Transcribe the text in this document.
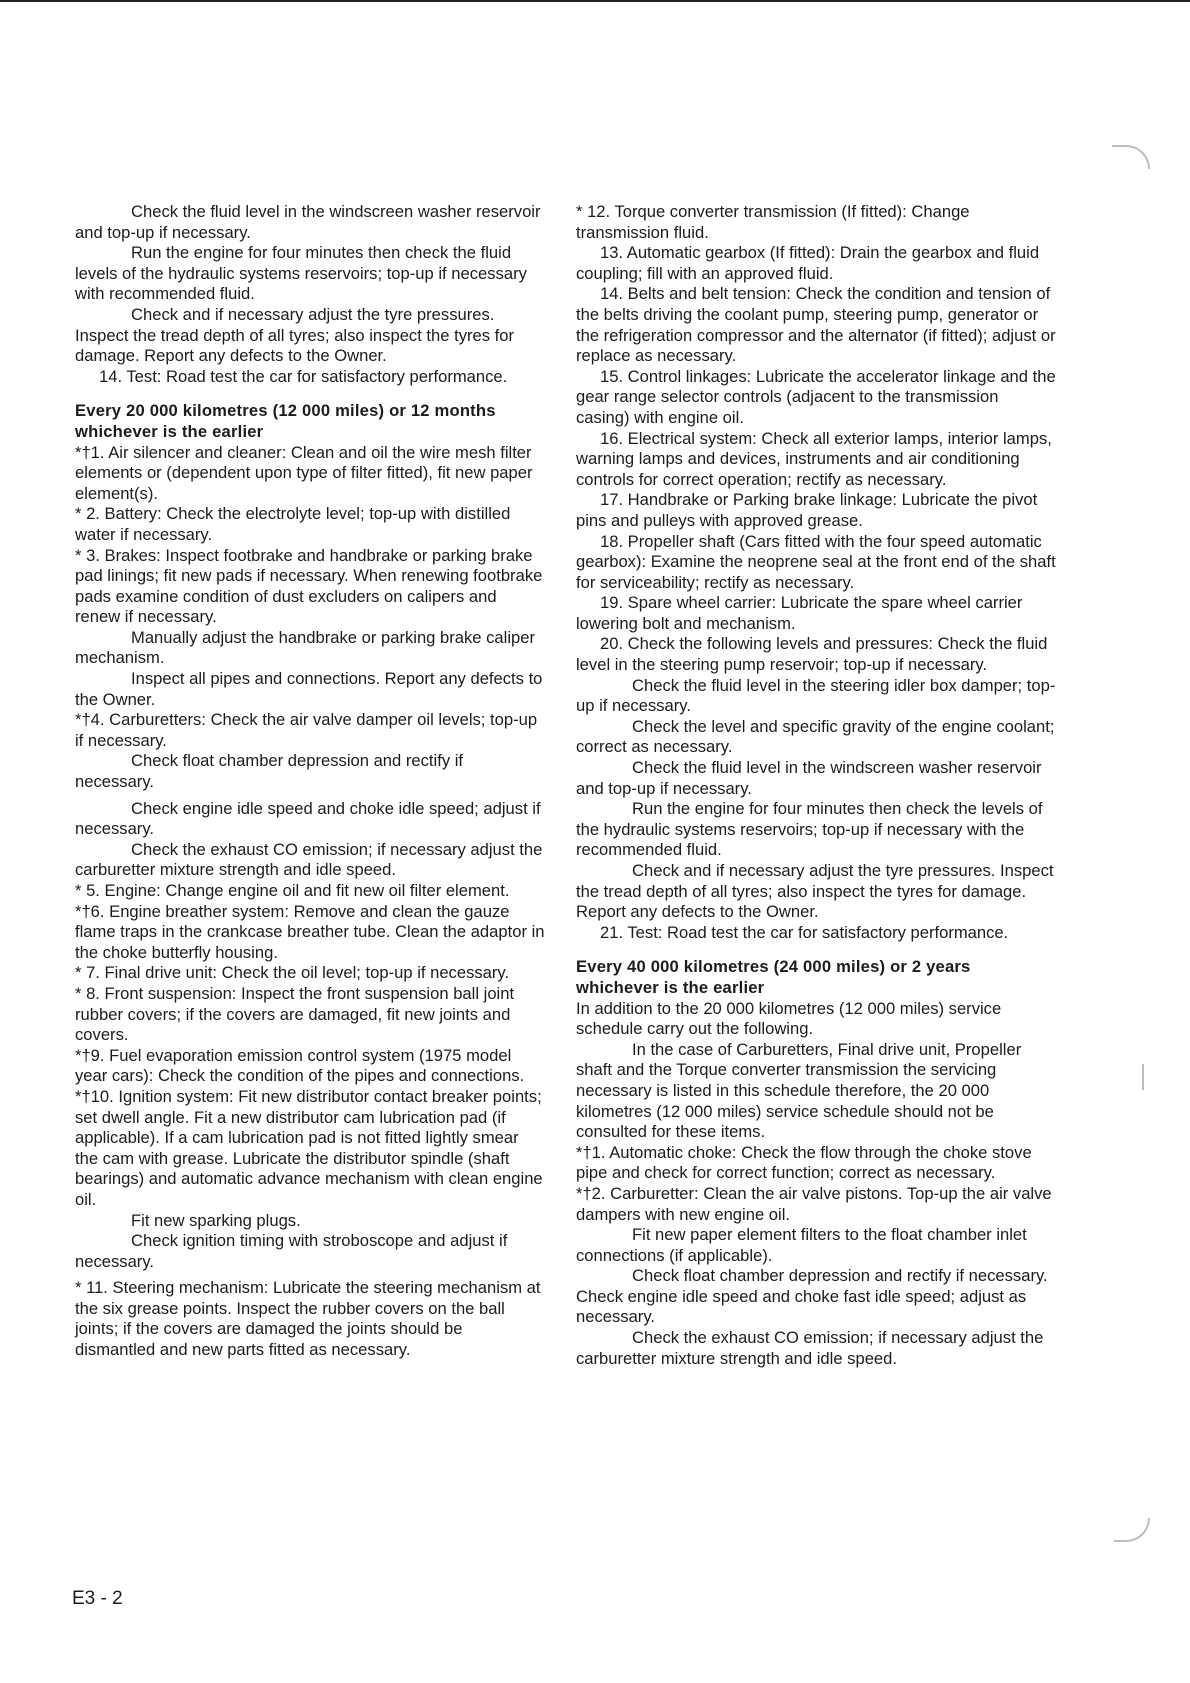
Check the fluid level in the windscreen washer reservoir and top-up if necessary.

Run the engine for four minutes then check the fluid levels of the hydraulic systems reservoirs; top-up if necessary with recommended fluid.

Check and if necessary adjust the tyre pressures. Inspect the tread depth of all tyres; also inspect the tyres for damage. Report any defects to the Owner.

14. Test: Road test the car for satisfactory performance.

Every 20 000 kilometres (12 000 miles) or 12 months whichever is the earlier

*†1. Air silencer and cleaner: Clean and oil the wire mesh filter elements or (dependent upon type of filter fitted), fit new paper element(s).

* 2. Battery: Check the electrolyte level; top-up with distilled water if necessary.

* 3. Brakes: Inspect footbrake and handbrake or parking brake pad linings; fit new pads if necessary. When renewing footbrake pads examine condition of dust excluders on calipers and renew if necessary.

Manually adjust the handbrake or parking brake caliper mechanism.

Inspect all pipes and connections. Report any defects to the Owner.

*†4. Carburetters: Check the air valve damper oil levels; top-up if necessary.

Check float chamber depression and rectify if necessary.

Check engine idle speed and choke idle speed; adjust if necessary.

Check the exhaust CO emission; if necessary adjust the carburetter mixture strength and idle speed.

* 5. Engine: Change engine oil and fit new oil filter element.

*†6. Engine breather system: Remove and clean the gauze flame traps in the crankcase breather tube. Clean the adaptor in the choke butterfly housing.

* 7. Final drive unit: Check the oil level; top-up if necessary.

* 8. Front suspension: Inspect the front suspension ball joint rubber covers; if the covers are damaged, fit new joints and covers.

*†9. Fuel evaporation emission control system (1975 model year cars): Check the condition of the pipes and connections.

*†10. Ignition system: Fit new distributor contact breaker points; set dwell angle. Fit a new distributor cam lubrication pad (if applicable). If a cam lubrication pad is not fitted lightly smear the cam with grease. Lubricate the distributor spindle (shaft bearings) and automatic advance mechanism with clean engine oil.

Fit new sparking plugs.

Check ignition timing with stroboscope and adjust if necessary.

* 11. Steering mechanism: Lubricate the steering mechanism at the six grease points. Inspect the rubber covers on the ball joints; if the covers are damaged the joints should be dismantled and new parts fitted as necessary.

* 12. Torque converter transmission (If fitted): Change transmission fluid.

13. Automatic gearbox (If fitted): Drain the gearbox and fluid coupling; fill with an approved fluid.

14. Belts and belt tension: Check the condition and tension of the belts driving the coolant pump, steering pump, generator or the refrigeration compressor and the alternator (if fitted); adjust or replace as necessary.

15. Control linkages: Lubricate the accelerator linkage and the gear range selector controls (adjacent to the transmission casing) with engine oil.

16. Electrical system: Check all exterior lamps, interior lamps, warning lamps and devices, instruments and air conditioning controls for correct operation; rectify as necessary.

17. Handbrake or Parking brake linkage: Lubricate the pivot pins and pulleys with approved grease.

18. Propeller shaft (Cars fitted with the four speed automatic gearbox): Examine the neoprene seal at the front end of the shaft for serviceability; rectify as necessary.

19. Spare wheel carrier: Lubricate the spare wheel carrier lowering bolt and mechanism.

20. Check the following levels and pressures: Check the fluid level in the steering pump reservoir; top-up if necessary.

Check the fluid level in the steering idler box damper; top-up if necessary.

Check the level and specific gravity of the engine coolant; correct as necessary.

Check the fluid level in the windscreen washer reservoir and top-up if necessary.

Run the engine for four minutes then check the levels of the hydraulic systems reservoirs; top-up if necessary with the recommended fluid.

Check and if necessary adjust the tyre pressures. Inspect the tread depth of all tyres; also inspect the tyres for damage. Report any defects to the Owner.

21. Test: Road test the car for satisfactory performance.

Every 40 000 kilometres (24 000 miles) or 2 years whichever is the earlier

In addition to the 20 000 kilometres (12 000 miles) service schedule carry out the following.

In the case of Carburetters, Final drive unit, Propeller shaft and the Torque converter transmission the servicing necessary is listed in this schedule therefore, the 20 000 kilometres (12 000 miles) service schedule should not be consulted for these items.

*†1. Automatic choke: Check the flow through the choke stove pipe and check for correct function; correct as necessary.

*†2. Carburetter: Clean the air valve pistons. Top-up the air valve dampers with new engine oil.

Fit new paper element filters to the float chamber inlet connections (if applicable).

Check float chamber depression and rectify if necessary. Check engine idle speed and choke fast idle speed; adjust as necessary.

Check the exhaust CO emission; if necessary adjust the carburetter mixture strength and idle speed.

E3 - 2
